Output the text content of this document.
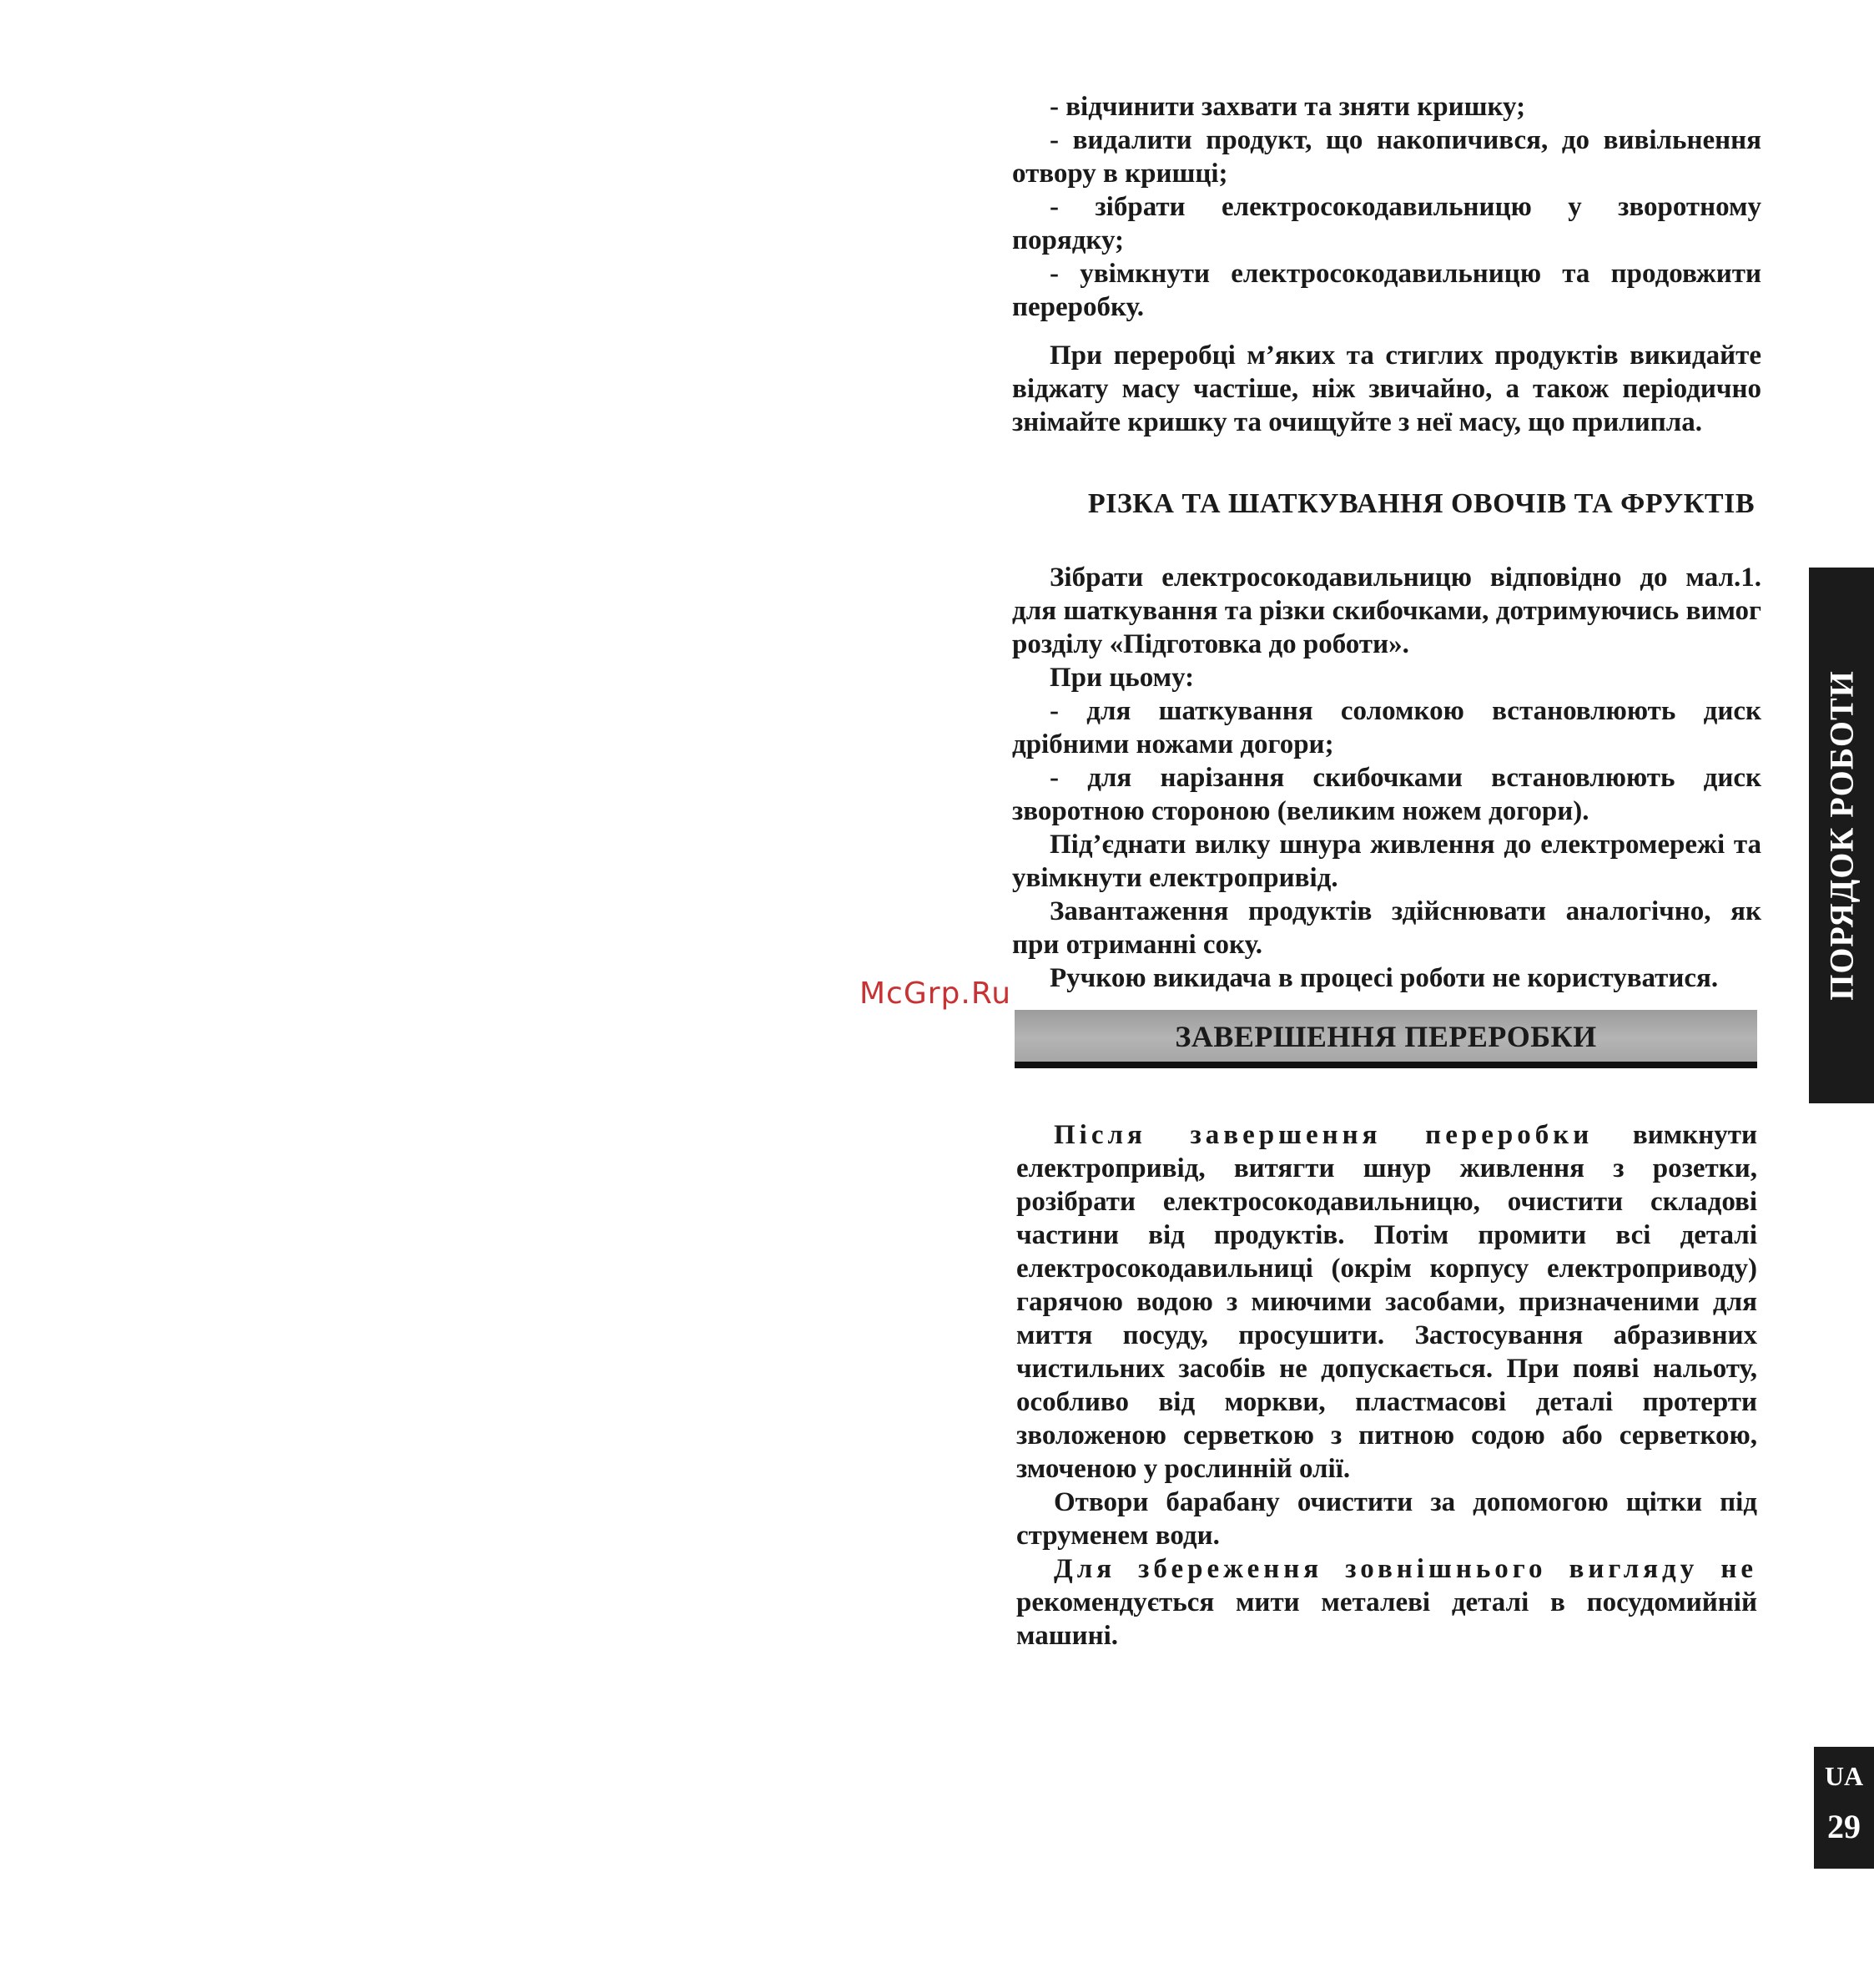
- відчинити захвати та зняти кришку;

- видалити продукт, що накопичився, до вивільнення отвору в кришці;

- зібрати електросокодавильницю у зворотному порядку;

- увімкнути електросокодавильницю та продовжити переробку.

При переробці м’яких та стиглих продуктів викидайте віджату масу частіше, ніж звичайно, а також періодично знімайте кришку та очищуйте з неї масу, що прилипла.

РІЗКА ТА ШАТКУВАННЯ ОВОЧІВ ТА ФРУКТІВ

Зібрати електросокодавильницю відповідно до мал.1. для шаткування та різки скибочками, дотримуючись вимог розділу «Підготовка до роботи».

При цьому:

- для шаткування соломкою встановлюють диск дрібними ножами догори;

- для нарізання скибочками встановлюють диск зворотною стороною (великим ножем догори).

Під’єднати вилку шнура живлення до електромережі та увімкнути електропривід.

Завантаження продуктів здійснювати аналогічно, як при отриманні соку.

Ручкою викидача в процесі роботи не користуватися.

McGrp.Ru
ЗАВЕРШЕННЯ ПЕРЕРОБКИ

Після завершення переробки вимкнути електропривід, витягти шнур живлення з розетки, розібрати електросокодавильницю, очистити складові частини від продуктів. Потім промити всі деталі електросокодавильниці (окрім корпусу електроприводу) гарячою водою з миючими засобами, призначеними для миття посуду, просушити. Застосування абразивних чистильних засобів не допускається. При появі нальоту, особливо від моркви, пластмасові деталі протерти зволоженою серветкою з питною содою або серветкою, змоченою у рослинній олії.

Отвори барабану очистити за допомогою щітки під струменем води.

Для збереження зовнішнього вигляду не рекомендується мити металеві деталі в посудомийній машині.

ПОРЯДОК РОБОТИ
UA
29
